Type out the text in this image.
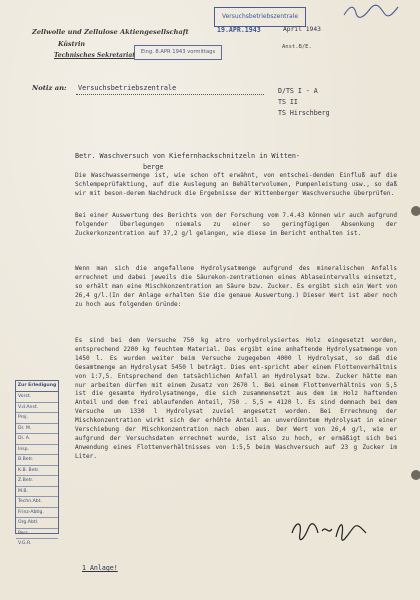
Zellwolle und Zellulose Aktiengesellschaft
Küstrin
Technisches Sekretariat
Versuchsbetriebszentrale
19.APR.1943	April 1943
Eing. 8.APR 1943 vormittags
Anst.B/E.
Notiz an: Versuchsbetriebszentrale	D/TS I - A
TS II
TS Hirschberg
Betr. Waschversuch von Kiefernhackschnitzeln in Witten-
berge
Die Waschwassermenge ist, wie schon oft erwähnt, von entschei-denden Einfluß auf die Schlempeprüfaktiung, auf die Auslegung an Behältervolumen, Pumpenleistung usw., so daß wir mit beson-derem Nachdruck die Ergebnisse der Wittenberger Waschversuche überprüfen.
Bei einer Auswertung des Berichts von der Forschung vom 7.4.43 können wir auch aufgrund folgender Überlegungen niemals zu einer so geringfügigen Absenkung der Zuckerkonzentration auf 37,2 g/l gelangen, wie diese im Bericht enthalten ist.
Wenn man sich die angefallene Hydrolysatmenge aufgrund des mineralischen Anfalls errechnet und dabei jeweils die Säurekon-zentrationen eines Ablaseintervalls einsetzt, so erhält man eine Mischkonzentration an Säure bzw. Zucker. Es ergibt sich ein Wert von 26,4 g/l.(In der Anlage erhalten Sie die genaue Auswertung.) Dieser Wert ist aber noch zu hoch aus folgenden Gründe:
Es sind bei dem Versuche 750 kg atro vorhydrolysiertes Holz eingesetzt worden, entsprechend 2200 kg feuchtem Material. Das ergibt eine anhaftende Hydrolysatmenge von 1450 l. Es wurden weiter beim Versuche zugegeben 4000 l Hydrolysat, so daß die Gesamtmenge an Hydrolysat 5450 l beträgt. Dies ent-spricht aber einem Flottenverhältnis von 1:7,5. Entsprechend den tatsächlichen Anfall an Hydrolysat bzw. Zucker hätte man nur arbeiten dürfen mit einem Zusatz von 2670 l. Bei einem Flottenverhältnis von 5,5 ist die gesamte Hydrolysatmenge, die sich zusammensetzt aus dem im Holz haftenden Anteil und dem frei ablaufenden Anteil, 750 . 5,5 = 4120 l. Es sind demnach bei dem Versuche um 1330 l Hydrolysat zuviel angesetzt worden. Bei Errechnung der Mischkonzentration wirkt sich der erhöhte Anteil an unverdünntem Hydrolysat in einer Verschiebung der Mischkonzentration nach oben aus. Der Wert von 26,4 g/l, wie er aufgrund der Versuchsdaten errechnet wurde, ist also zu hoch, er ermäßigt sich bei Anwendung eines Flottenverhältnisses von 1:5,5 beim Waschversuch auf 23 g Zucker im Liter.
Zur Erledigung
Vorst.
V.d.Anst.
Proj.
Dr. M.
Di. A.
Insp.
B.Betr.
K.B. Betr.
Z.Betr.
M.B.
Techn.Abt.
Frinz-Abtlg.
Org.Abtl.
Pers.
V.G.R.
1 Anlage!
